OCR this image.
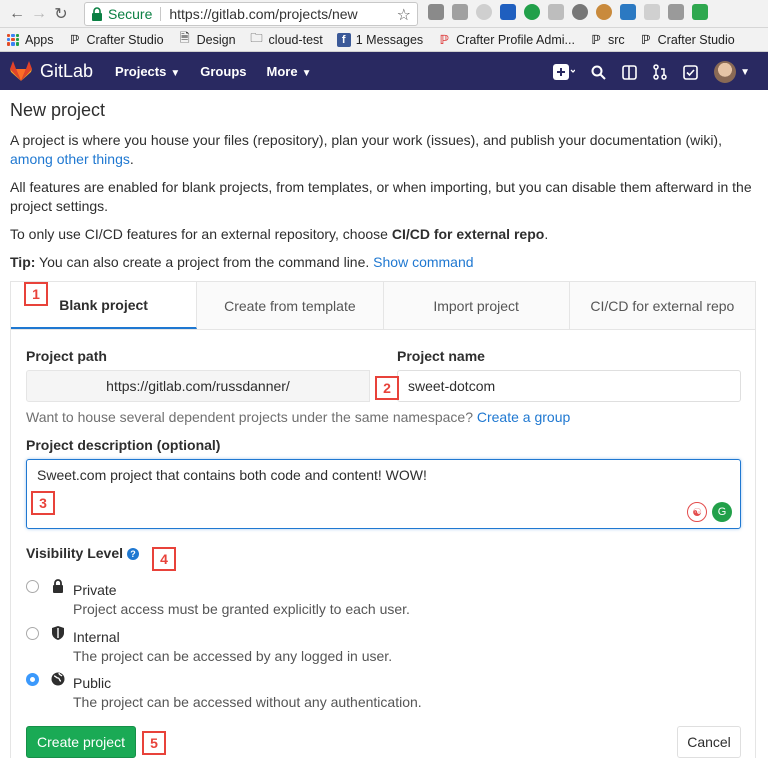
← → ↻	Secure https://gitlab.com/projects/new ☆
Apps ℙ Crafter Studio 🗎 Design 🗀 cloud-test	f 1 Messages ℙ Crafter Profile Admi... ℙ src ℙ Crafter Studio
GitLab Projects ▼ Groups More ▼	▼
New project

A project is where you house your files (repository), plan your work (issues), and publish your documentation (wiki), among other things.

All features are enabled for blank projects, from templates, or when importing, but you can disable them afterward in the project settings.

To only use CI/CD features for an external repository, choose CI/CD for external repo.

Tip: You can also create a project from the command line. Show command

Blank project	Create from template	Import project	CI/CD for external repo
Project path
https://gitlab.com/russdanner/
Project name
sweet-dotcom
Want to house several dependent projects under the same namespace? Create a group
Project description (optional)
Sweet.com project that contains both code and content! WOW!
☯	G
Visibility Level ?
Private
Project access must be granted explicitly to each user.
Internal
The project can be accessed by any logged in user.
Public
The project can be accessed without any authentication.
Create project	Cancel
1
2
3
4
5
